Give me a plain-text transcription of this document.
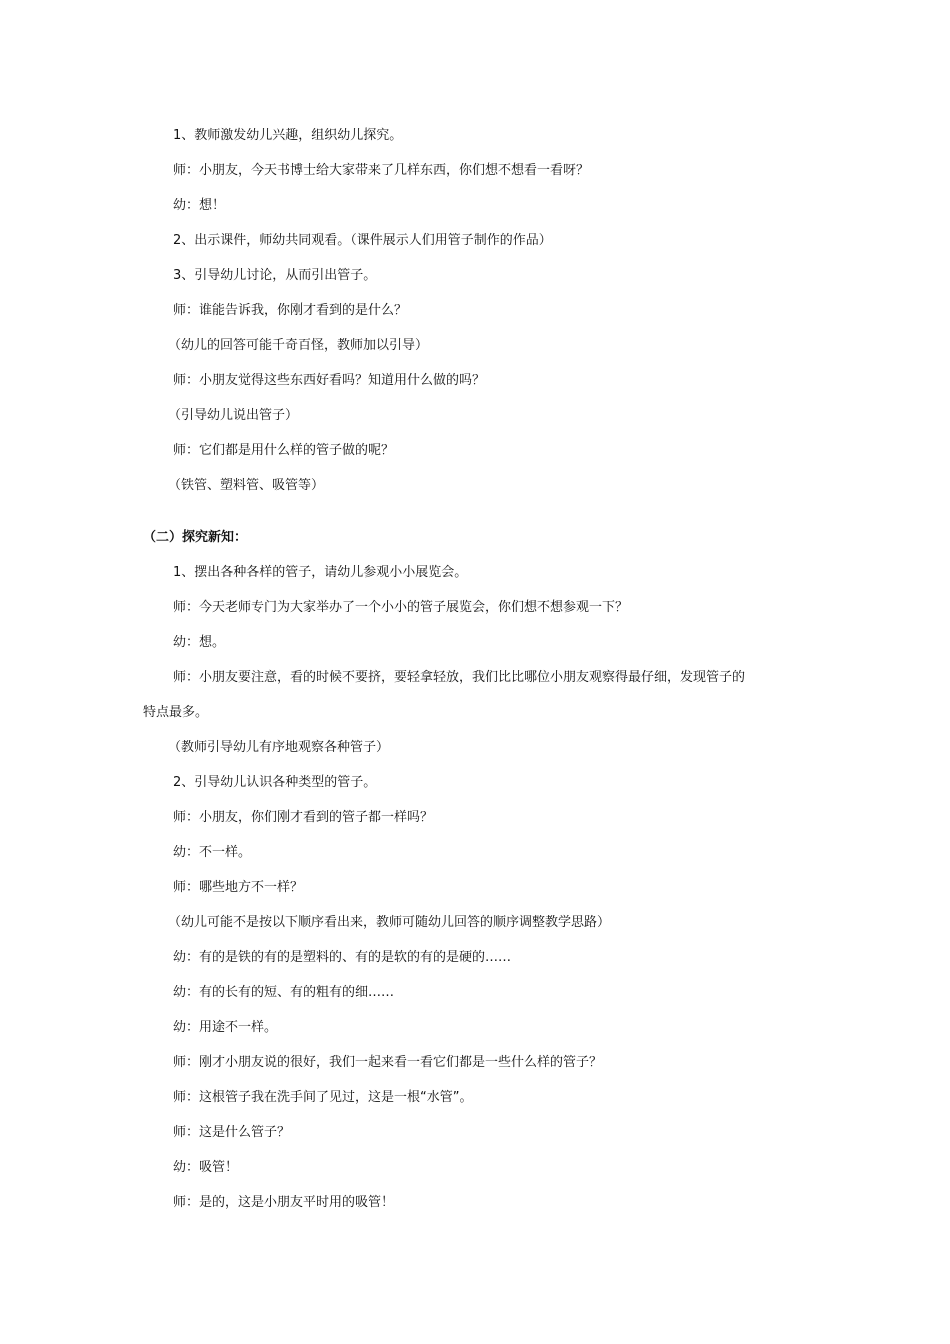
1、教师激发幼儿兴趣，组织幼儿探究。
师：小朋友，今天书博士给大家带来了几样东西，你们想不想看一看呀？
幼：想！
2、出示课件，师幼共同观看。（课件展示人们用管子制作的作品）
3、引导幼儿讨论，从而引出管子。
师：谁能告诉我，你刚才看到的是什么？
（幼儿的回答可能千奇百怪，教师加以引导）
师：小朋友觉得这些东西好看吗？知道用什么做的吗？
（引导幼儿说出管子）
师：它们都是用什么样的管子做的呢？
（铁管、塑料管、吸管等）
（二）探究新知：
1、摆出各种各样的管子，请幼儿参观小小展览会。
师：今天老师专门为大家举办了一个小小的管子展览会，你们想不想参观一下？
幼：想。
师：小朋友要注意，看的时候不要挤，要轻拿轻放，我们比比哪位小朋友观察得最仔细，发现管子的
特点最多。
（教师引导幼儿有序地观察各种管子）
2、引导幼儿认识各种类型的管子。
师：小朋友，你们刚才看到的管子都一样吗？
幼：不一样。
师：哪些地方不一样？
（幼儿可能不是按以下顺序看出来，教师可随幼儿回答的顺序调整教学思路）
幼：有的是铁的有的是塑料的、有的是软的有的是硬的……
幼：有的长有的短、有的粗有的细……
幼：用途不一样。
师：刚才小朋友说的很好，我们一起来看一看它们都是一些什么样的管子？
师：这根管子我在洗手间了见过，这是一根“水管”。
师：这是什么管子？
幼：吸管！
师：是的，这是小朋友平时用的吸管！
